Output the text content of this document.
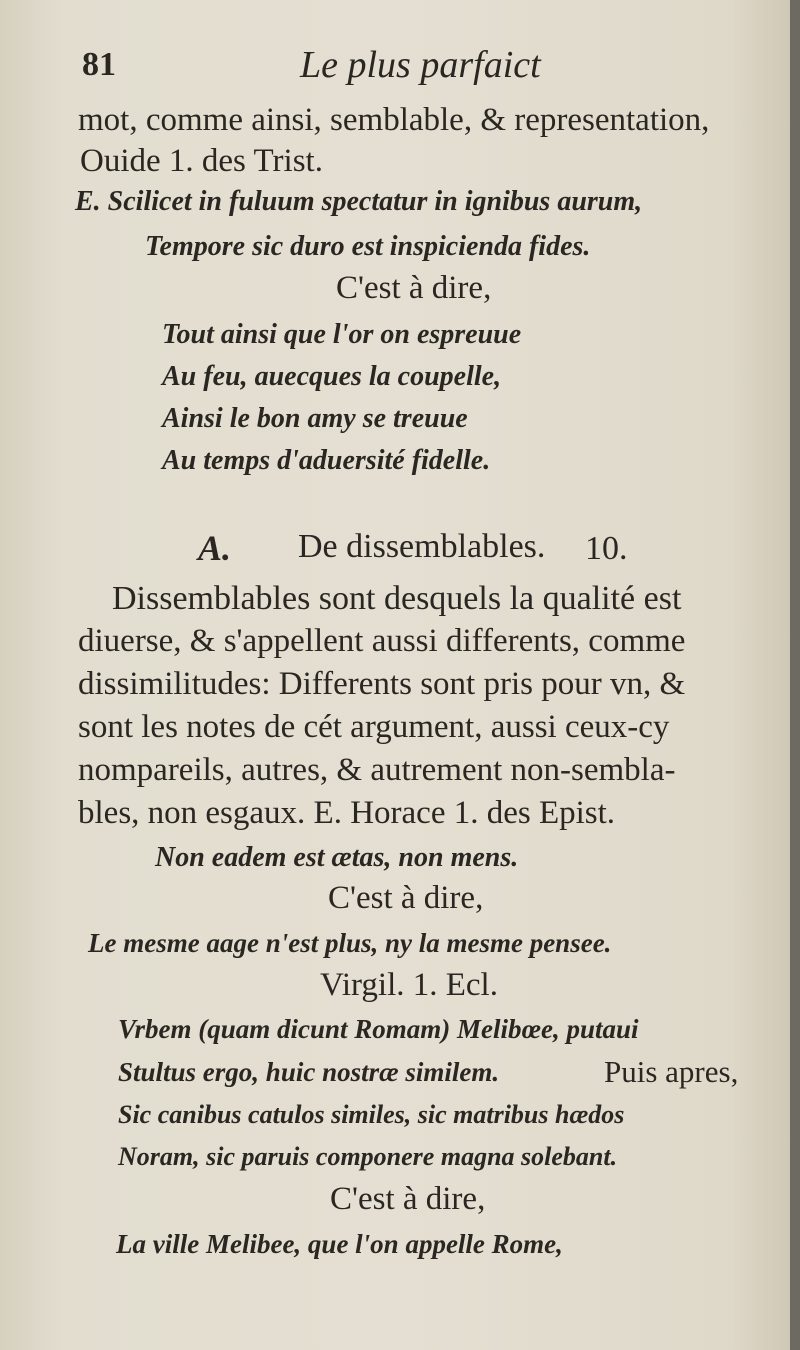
81	Le plus parfaict
mot, comme ainsi, semblable, & representation,
Ouide 1. des Trist.
E. Scilicet in fuluum spectatur in ignibus aurum,
Tempore sic duro est inspicienda fides.
C'est à dire,
Tout ainsi que l'or on espreuue
Au feu, auecques la coupelle,
Ainsi le bon amy se treuue
Au temps d'aduersité fidelle.
A. De dissemblables. 10.
Dissemblables sont desquels la qualité est
diuerse, & s'appellent aussi differents, comme
dissimilitudes: Differents sont pris pour vn, &
sont les notes de cét argument, aussi ceux-cy
nompareils, autres, & autrement non-sembla-
bles, non esgaux. E. Horace 1. des Epist.
Non eadem est ætas, non mens.
C'est à dire,
Le mesme aage n'est plus, ny la mesme pensee.
Virgil. 1. Ecl.
Vrbem (quam dicunt Romam) Melibœe, putaui
Stultus ergo, huic nostræ similem.	Puis apres,
Sic canibus catulos similes, sic matribus hædos
Noram, sic paruis componere magna solebant.
C'est à dire,
La ville Melibee, que l'on appelle Rome,
